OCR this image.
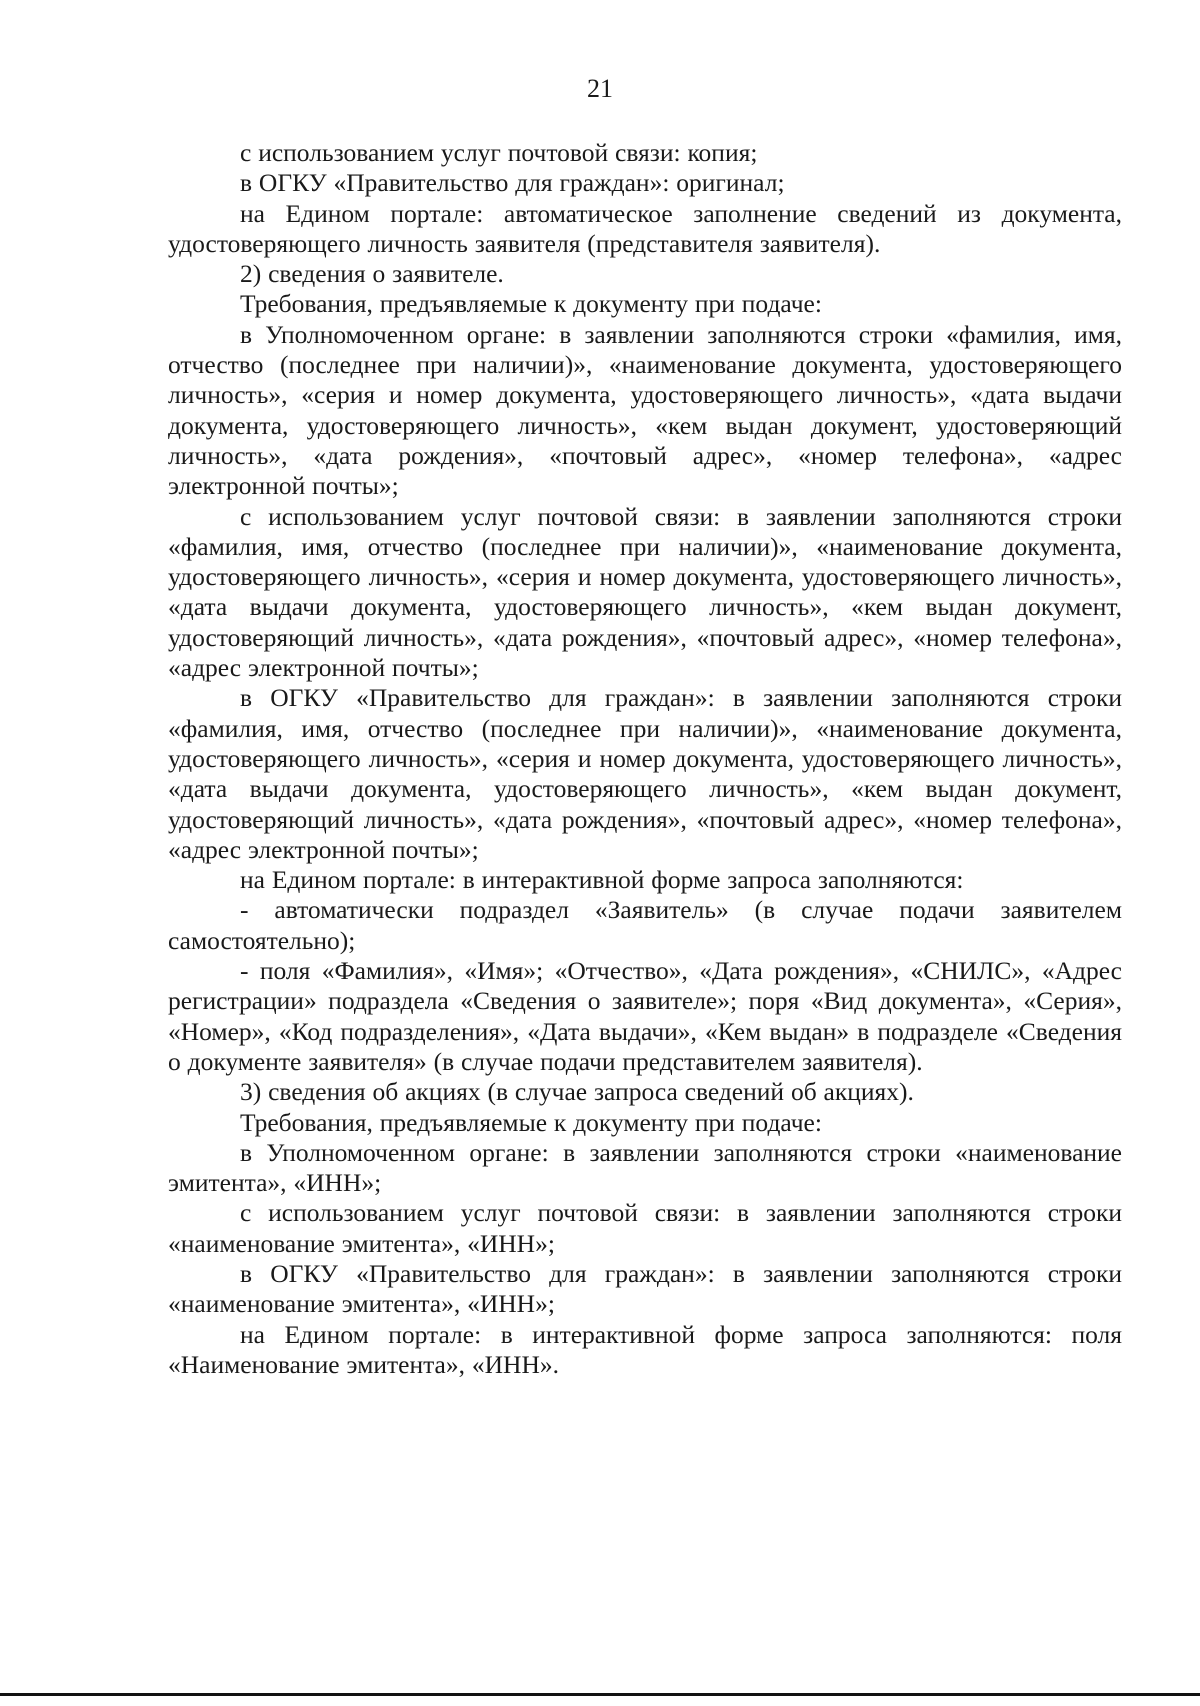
21

с использованием услуг почтовой связи: копия;

в ОГКУ «Правительство для граждан»: оригинал;

на Едином портале: автоматическое заполнение сведений из документа, удостоверяющего личность заявителя (представителя заявителя).

2) сведения о заявителе.

Требования, предъявляемые к документу при подаче:

в Уполномоченном органе: в заявлении заполняются строки «фамилия, имя, отчество (последнее при наличии)», «наименование документа, удостоверяющего личность», «серия и номер документа, удостоверяющего личность», «дата выдачи документа, удостоверяющего личность», «кем выдан документ, удостоверяющий личность», «дата рождения», «почтовый адрес», «номер телефона», «адрес электронной почты»;

с использованием услуг почтовой связи: в заявлении заполняются строки «фамилия, имя, отчество (последнее при наличии)», «наименование документа, удостоверяющего личность», «серия и номер документа, удостоверяющего личность», «дата выдачи документа, удостоверяющего личность», «кем выдан документ, удостоверяющий личность», «дата рождения», «почтовый адрес», «номер телефона», «адрес электронной почты»;

в ОГКУ «Правительство для граждан»: в заявлении заполняются строки «фамилия, имя, отчество (последнее при наличии)», «наименование документа, удостоверяющего личность», «серия и номер документа, удостоверяющего личность», «дата выдачи документа, удостоверяющего личность», «кем выдан документ, удостоверяющий личность», «дата рождения», «почтовый адрес», «номер телефона», «адрес электронной почты»;

на Едином портале: в интерактивной форме запроса заполняются:

- автоматически подраздел «Заявитель» (в случае подачи заявителем самостоятельно);

- поля «Фамилия», «Имя»; «Отчество», «Дата рождения», «СНИЛС», «Адрес регистрации» подраздела «Сведения о заявителе»; поря «Вид документа», «Серия», «Номер», «Код подразделения», «Дата выдачи», «Кем выдан» в подразделе «Сведения о документе заявителя» (в случае подачи представителем заявителя).

3) сведения об акциях (в случае запроса сведений об акциях).

Требования, предъявляемые к документу при подаче:

в Уполномоченном органе: в заявлении заполняются строки «наименование эмитента», «ИНН»;

с использованием услуг почтовой связи: в заявлении заполняются строки «наименование эмитента», «ИНН»;

в ОГКУ «Правительство для граждан»: в заявлении заполняются строки «наименование эмитента», «ИНН»;

на Едином портале: в интерактивной форме запроса заполняются: поля «Наименование эмитента», «ИНН».
